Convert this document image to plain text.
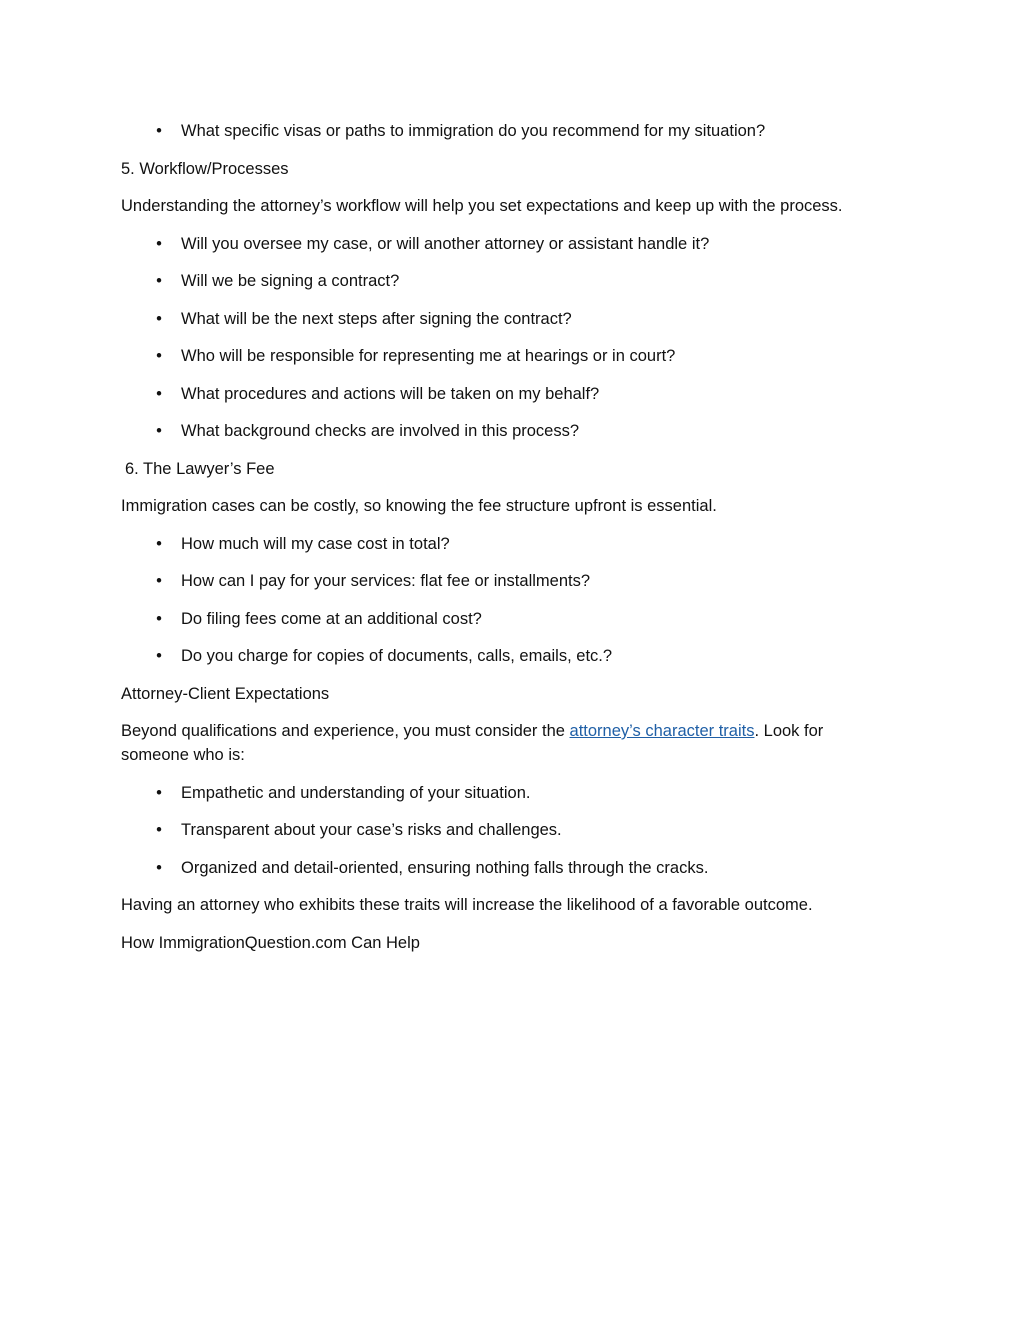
• What specific visas or paths to immigration do you recommend for my situation?

5. Workflow/Processes

Understanding the attorney’s workflow will help you set expectations and keep up with the process.

• Will you oversee my case, or will another attorney or assistant handle it?
• Will we be signing a contract?
• What will be the next steps after signing the contract?
• Who will be responsible for representing me at hearings or in court?
• What procedures and actions will be taken on my behalf?
• What background checks are involved in this process?

6. The Lawyer’s Fee

Immigration cases can be costly, so knowing the fee structure upfront is essential.

• How much will my case cost in total?
• How can I pay for your services: flat fee or installments?
• Do filing fees come at an additional cost?
• Do you charge for copies of documents, calls, emails, etc.?

Attorney-Client Expectations

Beyond qualifications and experience, you must consider the attorney’s character traits. Look for someone who is:

• Empathetic and understanding of your situation.
• Transparent about your case’s risks and challenges.
• Organized and detail-oriented, ensuring nothing falls through the cracks.

Having an attorney who exhibits these traits will increase the likelihood of a favorable outcome.

How ImmigrationQuestion.com Can Help
